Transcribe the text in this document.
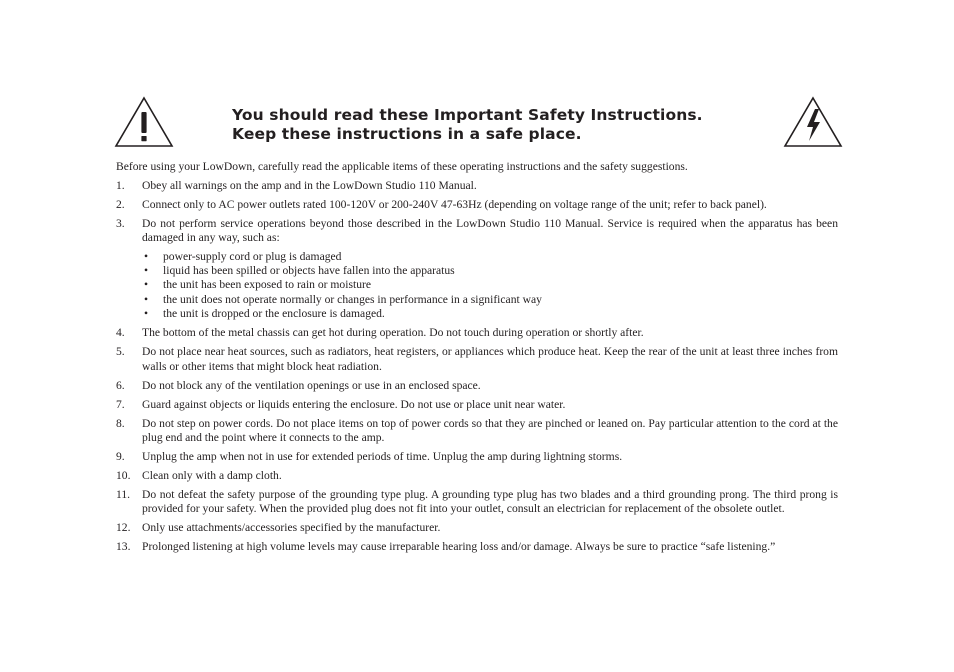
You should read these Important Safety Instructions.
Keep these instructions in a safe place.

Before using your LowDown, carefully read the applicable items of these operating instructions and the safety suggestions.

1. Obey all warnings on the amp and in the LowDown Studio 110 Manual.
2. Connect only to AC power outlets rated 100-120V or 200-240V 47-63Hz (depending on voltage range of the unit; refer to back panel).
3. Do not perform service operations beyond those described in the LowDown Studio 110 Manual. Service is required when the apparatus has been damaged in any way, such as:
• power-supply cord or plug is damaged
• liquid has been spilled or objects have fallen into the apparatus
• the unit has been exposed to rain or moisture
• the unit does not operate normally or changes in performance in a significant way
• the unit is dropped or the enclosure is damaged.
4. The bottom of the metal chassis can get hot during operation. Do not touch during operation or shortly after.
5. Do not place near heat sources, such as radiators, heat registers, or appliances which produce heat. Keep the rear of the unit at least three inches from walls or other items that might block heat radiation.
6. Do not block any of the ventilation openings or use in an enclosed space.
7. Guard against objects or liquids entering the enclosure. Do not use or place unit near water.
8. Do not step on power cords. Do not place items on top of power cords so that they are pinched or leaned on. Pay particular attention to the cord at the plug end and the point where it connects to the amp.
9. Unplug the amp when not in use for extended periods of time. Unplug the amp during lightning storms.
10. Clean only with a damp cloth.
11. Do not defeat the safety purpose of the grounding type plug. A grounding type plug has two blades and a third grounding prong. The third prong is provided for your safety. When the provided plug does not fit into your outlet, consult an electrician for replacement of the obsolete outlet.
12. Only use attachments/accessories specified by the manufacturer.
13. Prolonged listening at high volume levels may cause irreparable hearing loss and/or damage. Always be sure to practice “safe listening.”
